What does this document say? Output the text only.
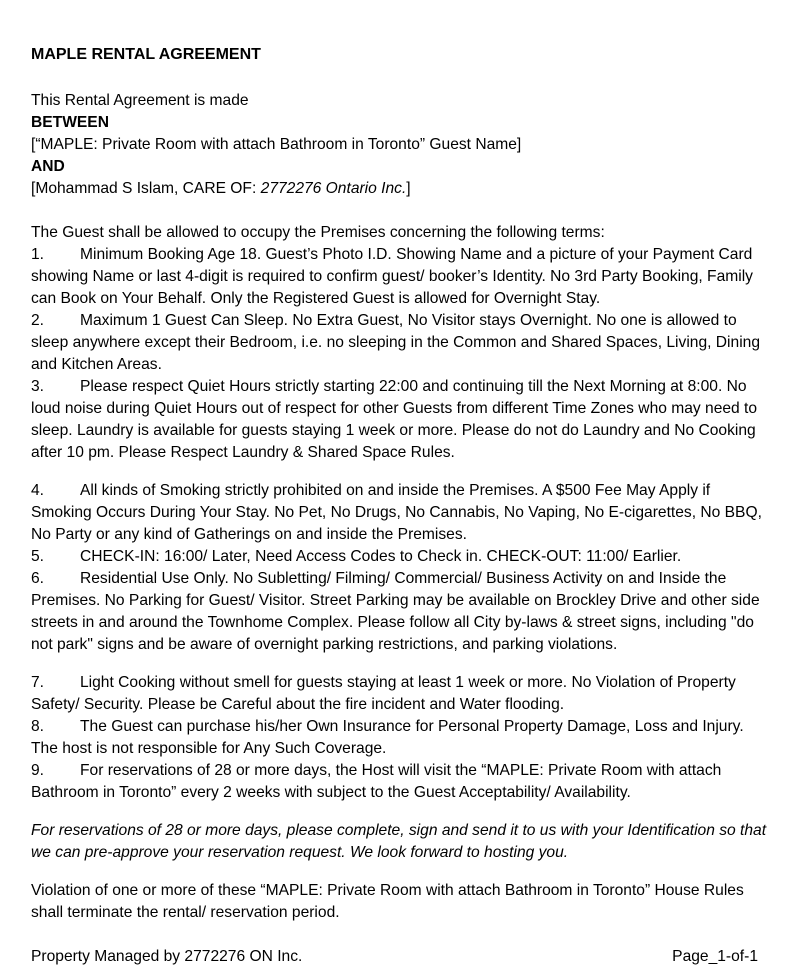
MAPLE RENTAL AGREEMENT
This Rental Agreement is made
BETWEEN
[“MAPLE: Private Room with attach Bathroom in Toronto” Guest Name]
AND
[Mohammad S Islam, CARE OF: 2772276 Ontario Inc.]
The Guest shall be allowed to occupy the Premises concerning the following terms:
1. Minimum Booking Age 18. Guest’s Photo I.D. Showing Name and a picture of your Payment Card showing Name or last 4-digit is required to confirm guest/ booker’s Identity. No 3rd Party Booking, Family can Book on Your Behalf. Only the Registered Guest is allowed for Overnight Stay.
2. Maximum 1 Guest Can Sleep. No Extra Guest, No Visitor stays Overnight. No one is allowed to sleep anywhere except their Bedroom, i.e. no sleeping in the Common and Shared Spaces, Living, Dining and Kitchen Areas.
3. Please respect Quiet Hours strictly starting 22:00 and continuing till the Next Morning at 8:00. No loud noise during Quiet Hours out of respect for other Guests from different Time Zones who may need to sleep. Laundry is available for guests staying 1 week or more. Please do not do Laundry and No Cooking after 10 pm. Please Respect Laundry & Shared Space Rules.
4. All kinds of Smoking strictly prohibited on and inside the Premises. A $500 Fee May Apply if Smoking Occurs During Your Stay. No Pet, No Drugs, No Cannabis, No Vaping, No E-cigarettes, No BBQ, No Party or any kind of Gatherings on and inside the Premises.
5. CHECK-IN: 16:00/ Later, Need Access Codes to Check in. CHECK-OUT: 11:00/ Earlier.
6. Residential Use Only. No Subletting/ Filming/ Commercial/ Business Activity on and Inside the Premises. No Parking for Guest/ Visitor. Street Parking may be available on Brockley Drive and other side streets in and around the Townhome Complex. Please follow all City by-laws & street signs, including "do not park" signs and be aware of overnight parking restrictions, and parking violations.
7. Light Cooking without smell for guests staying at least 1 week or more. No Violation of Property Safety/ Security. Please be Careful about the fire incident and Water flooding.
8. The Guest can purchase his/her Own Insurance for Personal Property Damage, Loss and Injury. The host is not responsible for Any Such Coverage.
9. For reservations of 28 or more days, the Host will visit the “MAPLE: Private Room with attach Bathroom in Toronto” every 2 weeks with subject to the Guest Acceptability/ Availability.
For reservations of 28 or more days, please complete, sign and send it to us with your Identification so that we can pre-approve your reservation request. We look forward to hosting you.
Violation of one or more of these “MAPLE: Private Room with attach Bathroom in Toronto” House Rules shall terminate the rental/ reservation period.
Property Managed by 2772276 ON Inc.	Page_1-of-1
